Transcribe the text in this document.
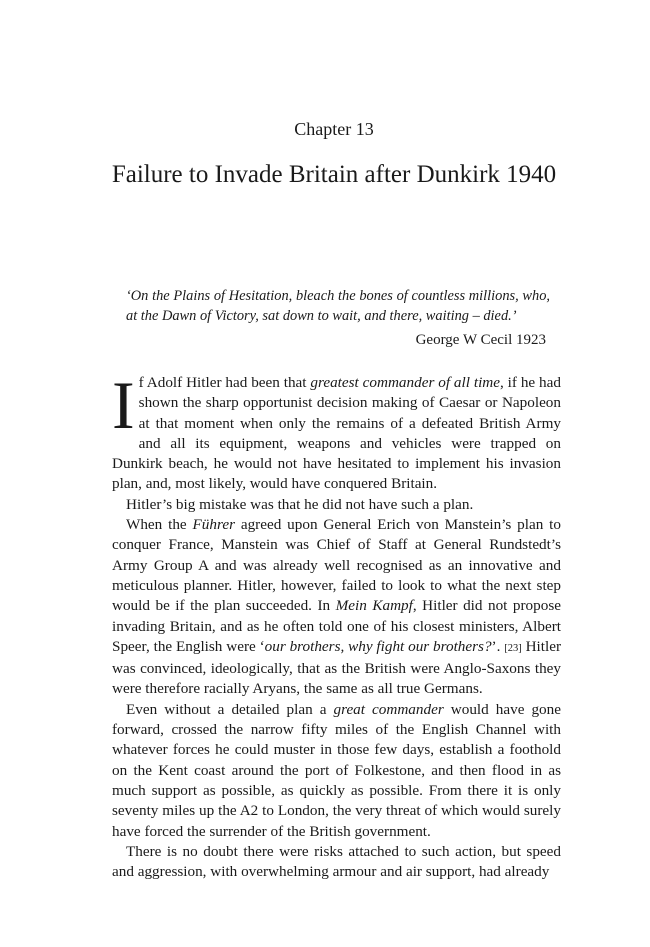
Chapter 13
Failure to Invade Britain after Dunkirk 1940
‘On the Plains of Hesitation, bleach the bones of countless millions, who, at the Dawn of Victory, sat down to wait, and there, waiting – died.’
George W Cecil 1923

If Adolf Hitler had been that greatest commander of all time, if he had shown the sharp opportunist decision making of Caesar or Napoleon at that moment when only the remains of a defeated British Army and all its equipment, weapons and vehicles were trapped on Dunkirk beach, he would not have hesitated to implement his invasion plan, and, most likely, would have conquered Britain.

Hitler’s big mistake was that he did not have such a plan.

When the Führer agreed upon General Erich von Manstein’s plan to conquer France, Manstein was Chief of Staff at General Rundstedt’s Army Group A and was already well recognised as an innovative and meticulous planner. Hitler, however, failed to look to what the next step would be if the plan succeeded. In Mein Kampf, Hitler did not propose invading Britain, and as he often told one of his closest ministers, Albert Speer, the English were ‘our brothers, why fight our brothers?’. [23] Hitler was convinced, ideologically, that as the British were Anglo-Saxons they were therefore racially Aryans, the same as all true Germans.

Even without a detailed plan a great commander would have gone forward, crossed the narrow fifty miles of the English Channel with whatever forces he could muster in those few days, establish a foothold on the Kent coast around the port of Folkestone, and then flood in as much support as possible, as quickly as possible. From there it is only seventy miles up the A2 to London, the very threat of which would surely have forced the surrender of the British government.

There is no doubt there were risks attached to such action, but speed and aggression, with overwhelming armour and air support, had already
